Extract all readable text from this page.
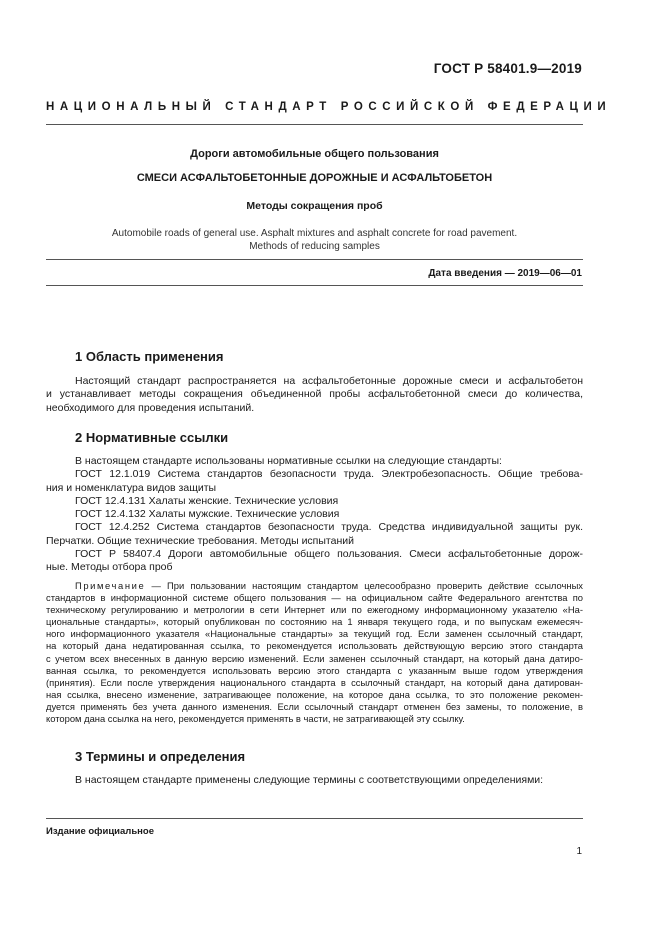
ГОСТ Р 58401.9—2019
НАЦИОНАЛЬНЫЙ СТАНДАРТ РОССИЙСКОЙ ФЕДЕРАЦИИ
Дороги автомобильные общего пользования
СМЕСИ АСФАЛЬТОБЕТОННЫЕ ДОРОЖНЫЕ И АСФАЛЬТОБЕТОН
Методы сокращения проб
Automobile roads of general use. Asphalt mixtures and asphalt concrete for road pavement.
Methods of reducing samples
Дата введения — 2019—06—01
1 Область применения
Настоящий стандарт распространяется на асфальтобетонные дорожные смеси и асфальтобетон
и устанавливает методы сокращения объединенной пробы асфальтобетонной смеси до количества,
необходимого для проведения испытаний.
2 Нормативные ссылки
В настоящем стандарте использованы нормативные ссылки на следующие стандарты:
ГОСТ 12.1.019 Система стандартов безопасности труда. Электробезопасность. Общие требова-
ния и номенклатура видов защиты
ГОСТ 12.4.131 Халаты женские. Технические условия
ГОСТ 12.4.132 Халаты мужские. Технические условия
ГОСТ 12.4.252 Система стандартов безопасности труда. Средства индивидуальной защиты рук.
Перчатки. Общие технические требования. Методы испытаний
ГОСТ Р 58407.4 Дороги автомобильные общего пользования. Смеси асфальтобетонные дорож-
ные. Методы отбора проб
Примечание — При пользовании настоящим стандартом целесообразно проверить действие ссылочных
стандартов в информационной системе общего пользования — на официальном сайте Федерального агентства по
техническому регулированию и метрологии в сети Интернет или по ежегодному информационному указателю «На-
циональные стандарты», который опубликован по состоянию на 1 января текущего года, и по выпускам ежемесяч-
ного информационного указателя «Национальные стандарты» за текущий год. Если заменен ссылочный стандарт,
на который дана недатированная ссылка, то рекомендуется использовать действующую версию этого стандарта
с учетом всех внесенных в данную версию изменений. Если заменен ссылочный стандарт, на который дана датиро-
ванная ссылка, то рекомендуется использовать версию этого стандарта с указанным выше годом утверждения
(принятия). Если после утверждения национального стандарта в ссылочный стандарт, на который дана датирован-
ная ссылка, внесено изменение, затрагивающее положение, на которое дана ссылка, то это положение рекомен-
дуется применять без учета данного изменения. Если ссылочный стандарт отменен без замены, то положение, в
котором дана ссылка на него, рекомендуется применять в части, не затрагивающей эту ссылку.
3 Термины и определения
В настоящем стандарте применены следующие термины с соответствующими определениями:
Издание официальное
1
